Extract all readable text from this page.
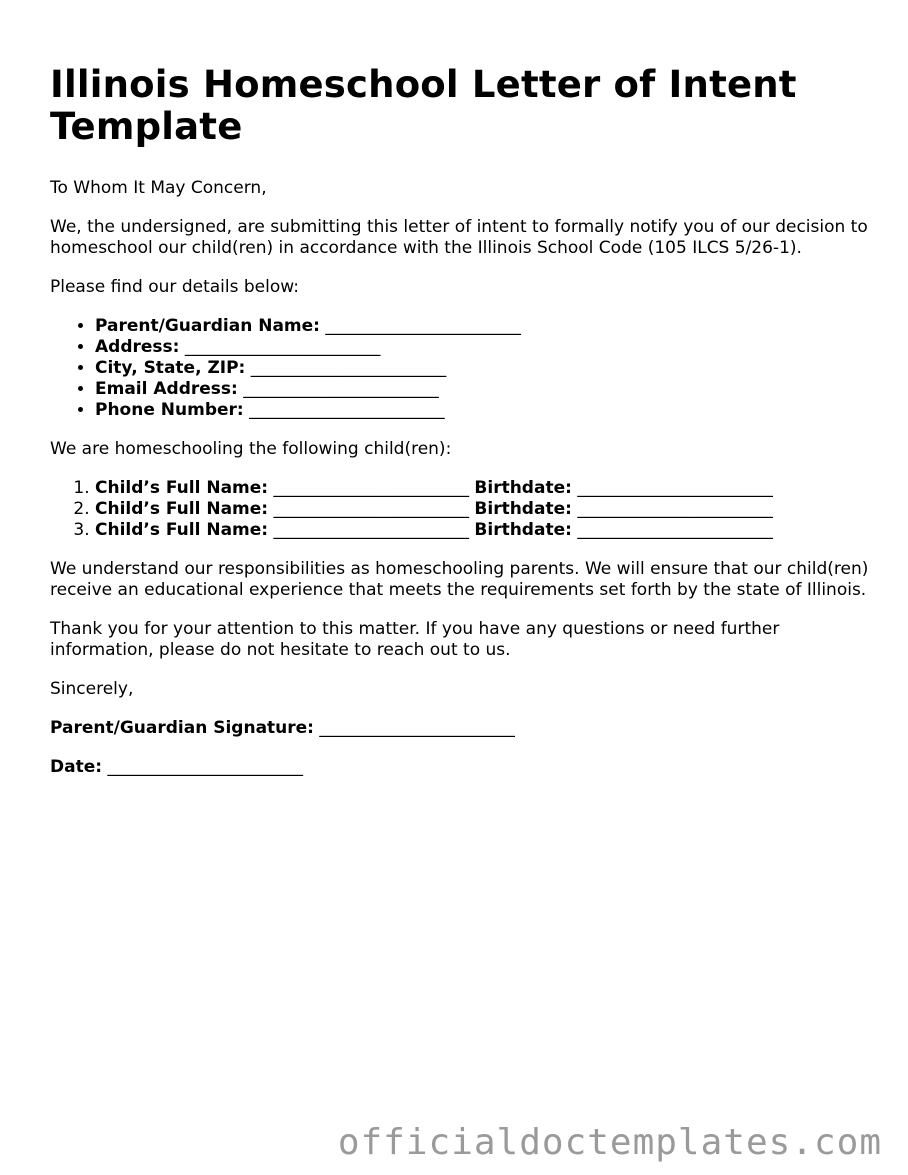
Illinois Homeschool Letter of Intent Template

To Whom It May Concern,

We, the undersigned, are submitting this letter of intent to formally notify you of our decision to homeschool our child(ren) in accordance with the Illinois School Code (105 ILCS 5/26-1).

Please find our details below:

• Parent/Guardian Name: _______________________
• Address: _______________________
• City, State, ZIP: _______________________
• Email Address: _______________________
• Phone Number: _______________________

We are homeschooling the following child(ren):

1. Child’s Full Name: _______________________ Birthdate: _______________________
2. Child’s Full Name: _______________________ Birthdate: _______________________
3. Child’s Full Name: _______________________ Birthdate: _______________________

We understand our responsibilities as homeschooling parents. We will ensure that our child(ren) receive an educational experience that meets the requirements set forth by the state of Illinois.

Thank you for your attention to this matter. If you have any questions or need further information, please do not hesitate to reach out to us.

Sincerely,

Parent/Guardian Signature: _______________________

Date: _______________________

officialdoctemplates.com
